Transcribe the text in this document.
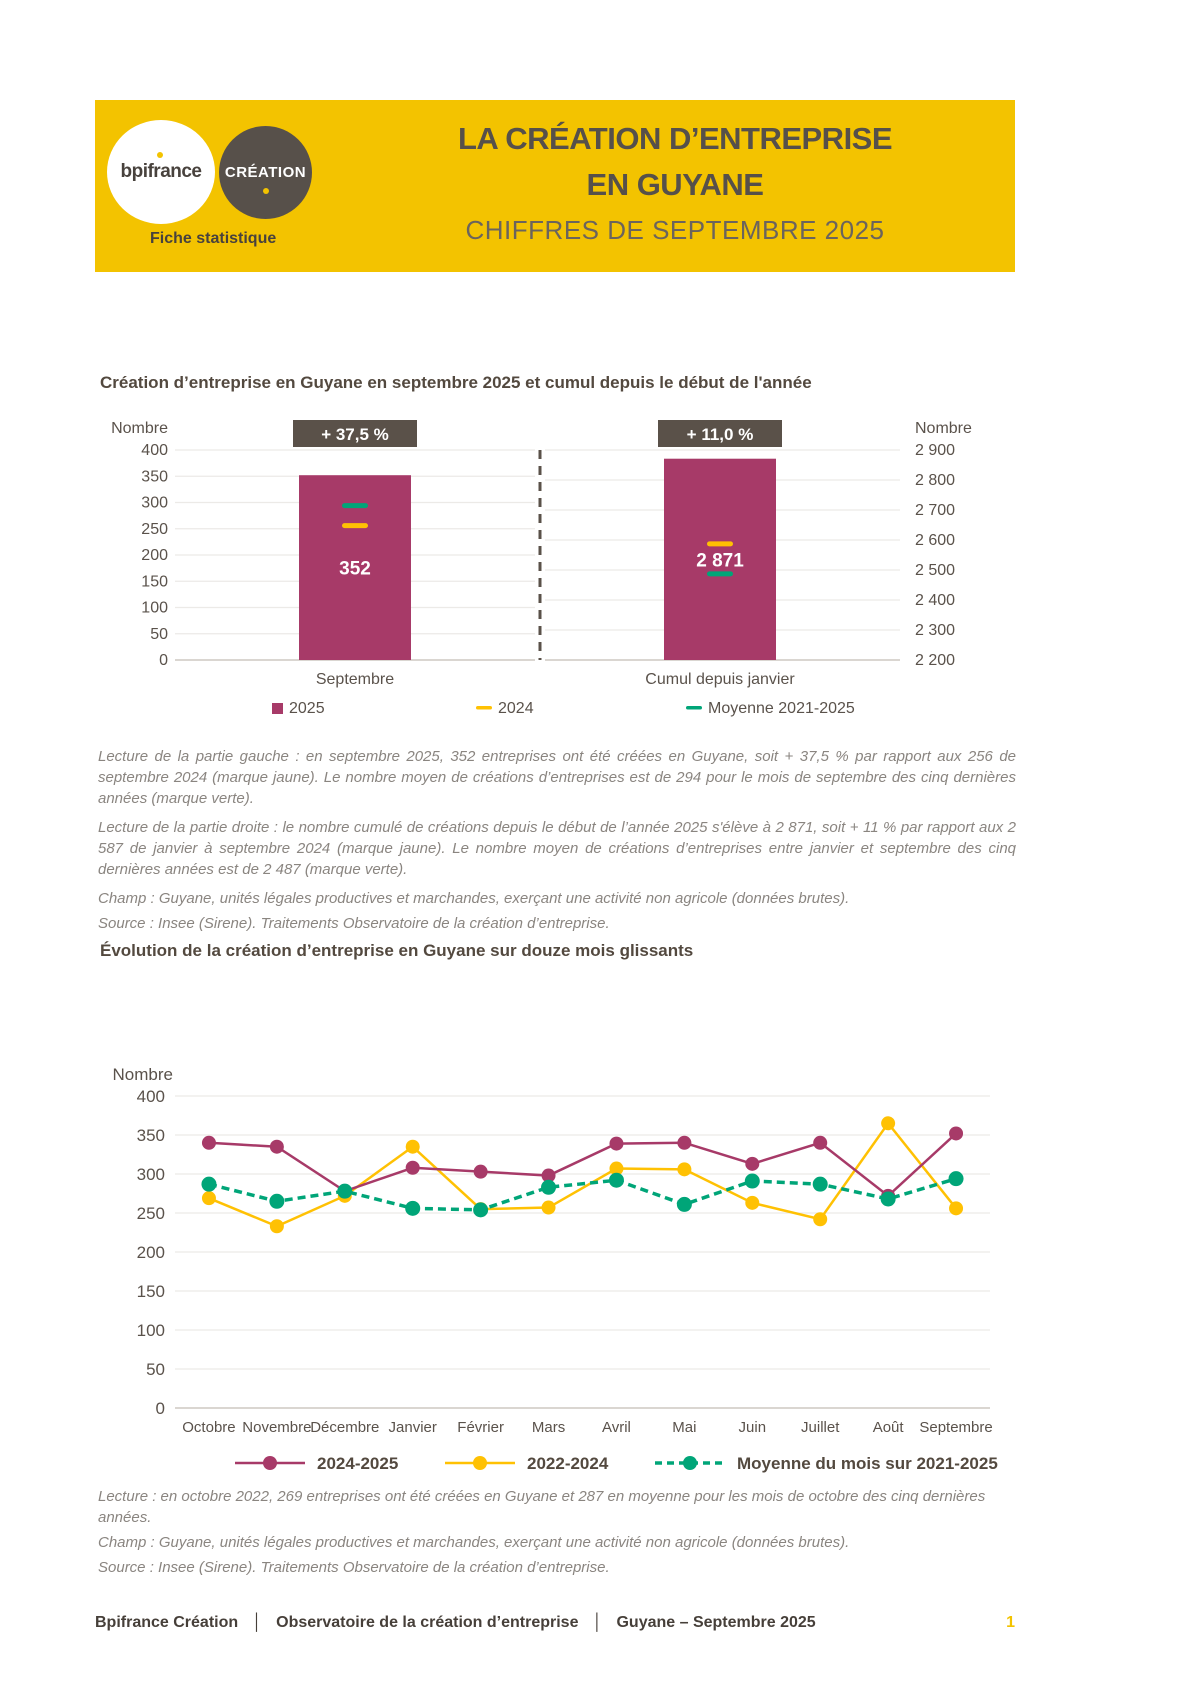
bpifrance CRÉATION
Fiche statistique
LA CRÉATION D’ENTREPRISE
EN GUYANE
CHIFFRES DE SEPTEMBRE 2025
Création d’entreprise en Guyane en septembre 2025 et cumul depuis le début de l'année
Nombre	Nombre
0
50
100
150
200
250
300
350
400
2 200
2 300
2 400
2 500
2 600
2 700
2 800
2 900
+ 37,5 %
352
Septembre
+ 11,0 %
2 871
Cumul depuis janvier
2025	2024	Moyenne 2021-2025

Lecture de la partie gauche : en septembre 2025, 352 entreprises ont été créées en Guyane, soit + 37,5 % par rapport aux 256 de septembre 2024 (marque jaune). Le nombre moyen de créations d’entreprises est de 294 pour le mois de septembre des cinq dernières années (marque verte).

Lecture de la partie droite : le nombre cumulé de créations depuis le début de l’année 2025 s'élève à 2 871, soit + 11 % par rapport aux 2 587 de janvier à septembre 2024 (marque jaune). Le nombre moyen de créations d’entreprises entre janvier et septembre des cinq dernières années est de 2 487 (marque verte).

Champ : Guyane, unités légales productives et marchandes, exerçant une activité non agricole (données brutes).

Source : Insee (Sirene). Traitements Observatoire de la création d’entreprise.

Évolution de la création d’entreprise en Guyane sur douze mois glissants
Nombre
0
50
100
150
200
250
300
350
400
Octobre Novembre
Décembre Janvier Février Mars Avril	Mai	Juin Juillet Août Septembre
2024-2025	2022-2024	Moyenne du mois sur 2021-2025

Lecture : en octobre 2022, 269 entreprises ont été créées en Guyane et 287 en moyenne pour les mois de octobre des cinq dernières années.

Champ : Guyane, unités légales productives et marchandes, exerçant une activité non agricole (données brutes).

Source : Insee (Sirene). Traitements Observatoire de la création d’entreprise.

Bpifrance Création │ Observatoire de la création d’entreprise │ Guyane – Septembre 2025	1
